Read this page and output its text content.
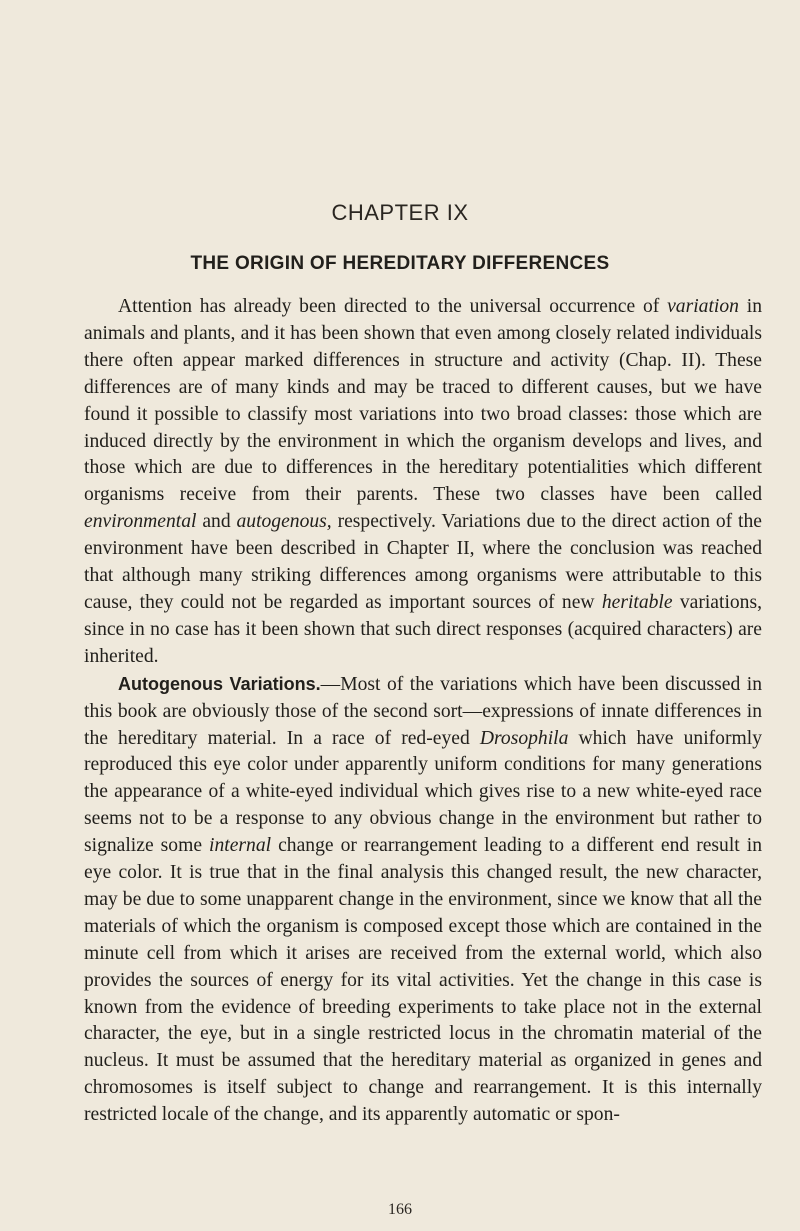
CHAPTER IX
THE ORIGIN OF HEREDITARY DIFFERENCES

Attention has already been directed to the universal occurrence of variation in animals and plants, and it has been shown that even among closely related individuals there often appear marked differences in structure and activity (Chap. II). These differences are of many kinds and may be traced to different causes, but we have found it possible to classify most variations into two broad classes: those which are induced directly by the environment in which the organism develops and lives, and those which are due to differences in the hereditary potentialities which different organisms receive from their parents. These two classes have been called environmental and autogenous, respectively. Variations due to the direct action of the environment have been described in Chapter II, where the conclusion was reached that although many striking differences among organisms were attributable to this cause, they could not be regarded as important sources of new heritable variations, since in no case has it been shown that such direct responses (acquired characters) are inherited.

Autogenous Variations.—Most of the variations which have been discussed in this book are obviously those of the second sort—expressions of innate differences in the hereditary material. In a race of red-eyed Drosophila which have uniformly reproduced this eye color under apparently uniform conditions for many generations the appearance of a white-eyed individual which gives rise to a new white-eyed race seems not to be a response to any obvious change in the environment but rather to signalize some internal change or rearrangement leading to a different end result in eye color. It is true that in the final analysis this changed result, the new character, may be due to some unapparent change in the environment, since we know that all the materials of which the organism is composed except those which are contained in the minute cell from which it arises are received from the external world, which also provides the sources of energy for its vital activities. Yet the change in this case is known from the evidence of breeding experiments to take place not in the external character, the eye, but in a single restricted locus in the chromatin material of the nucleus. It must be assumed that the hereditary material as organized in genes and chromosomes is itself subject to change and rearrangement. It is this internally restricted locale of the change, and its apparently automatic or spon-

166
